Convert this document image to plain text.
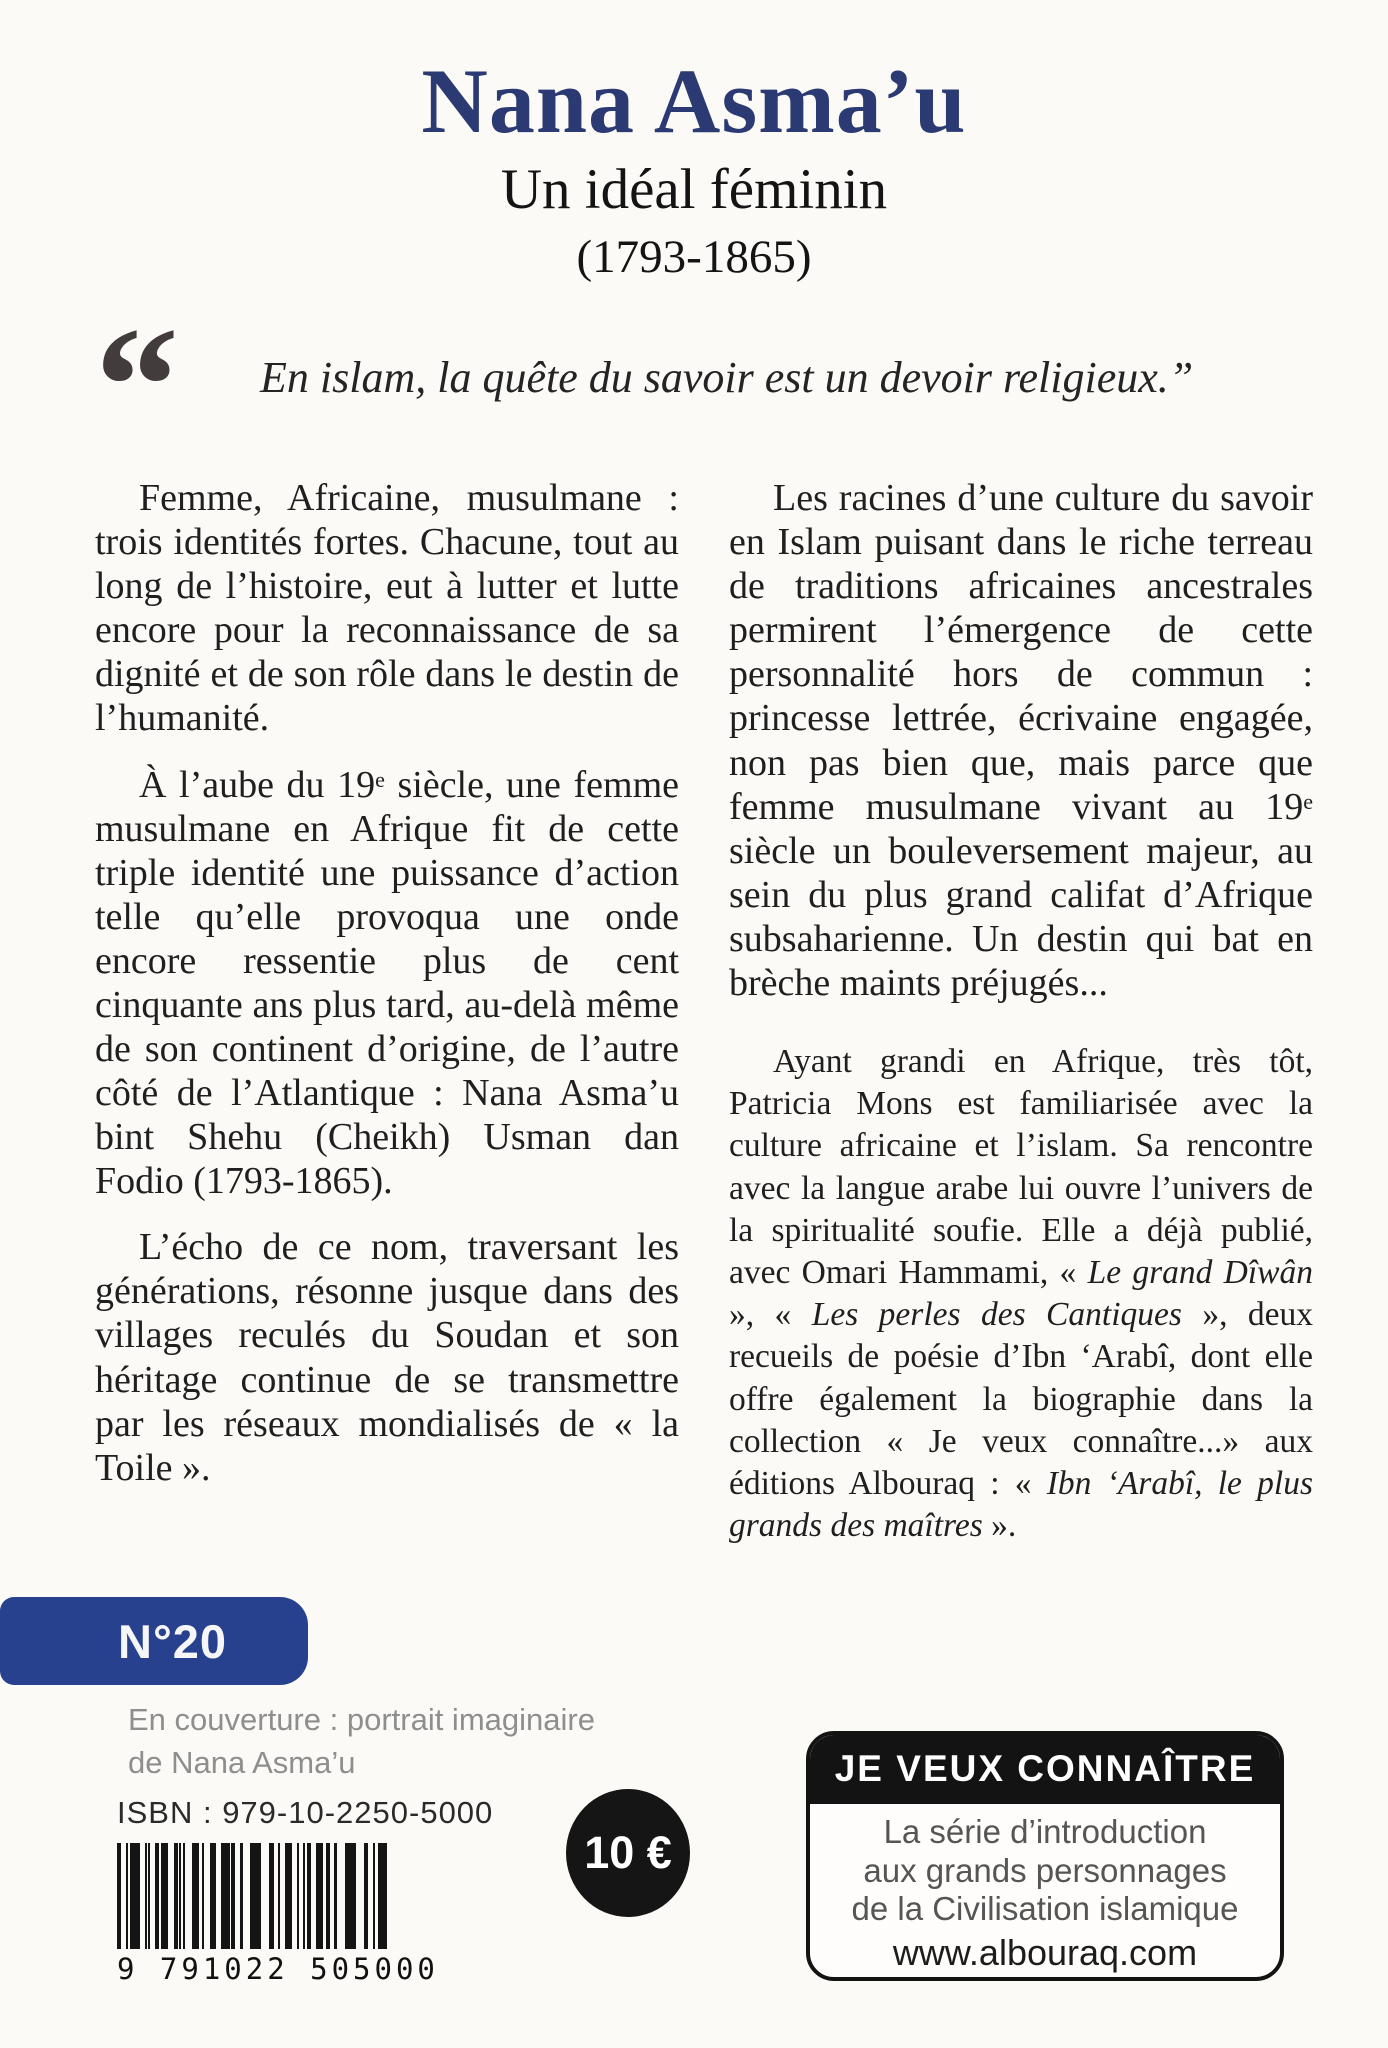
Nana Asma’u
Un idéal féminin
(1793-1865)
“ En islam, la quête du savoir est un devoir religieux.”

Femme, Africaine, musulmane : trois identités fortes. Chacune, tout au long de l’histoire, eut à lutter et lutte encore pour la reconnaissance de sa dignité et de son rôle dans le destin de l’humanité.

À l’aube du 19e siècle, une femme musulmane en Afrique fit de cette triple identité une puissance d’action telle qu’elle provoqua une onde encore ressentie plus de cent cinquante ans plus tard, au-delà même de son continent d’origine, de l’autre côté de l’Atlantique : Nana Asma’u bint Shehu (Cheikh) Usman dan Fodio (1793-1865).

L’écho de ce nom, traversant les générations, résonne jusque dans des villages reculés du Soudan et son héritage continue de se transmettre par les réseaux mondialisés de « la Toile ».

Les racines d’une culture du savoir en Islam puisant dans le riche terreau de traditions africaines ancestrales permirent l’émergence de cette personnalité hors de commun : princesse lettrée, écrivaine engagée, non pas bien que, mais parce que femme musulmane vivant au 19e siècle un bouleversement majeur, au sein du plus grand califat d’Afrique subsaharienne. Un destin qui bat en brèche maints préjugés...

Ayant grandi en Afrique, très tôt, Patricia Mons est familiarisée avec la culture africaine et l’islam. Sa rencontre avec la langue arabe lui ouvre l’univers de la spiritualité soufie. Elle a déjà publié, avec Omari Hammami, « Le grand Dîwân », « Les perles des Cantiques », deux recueils de poésie d’Ibn ‘Arabî, dont elle offre également la biographie dans la collection « Je veux connaître...» aux éditions Albouraq : « Ibn ‘Arabî, le plus grands des maîtres ».

N°20
En couverture : portrait imaginaire
de Nana Asma’u
ISBN : 979-10-2250-5000
9 791022 505000
10 €
JE VEUX CONNAÎTRE
La série d’introduction
aux grands personnages
de la Civilisation islamique
www.albouraq.com
